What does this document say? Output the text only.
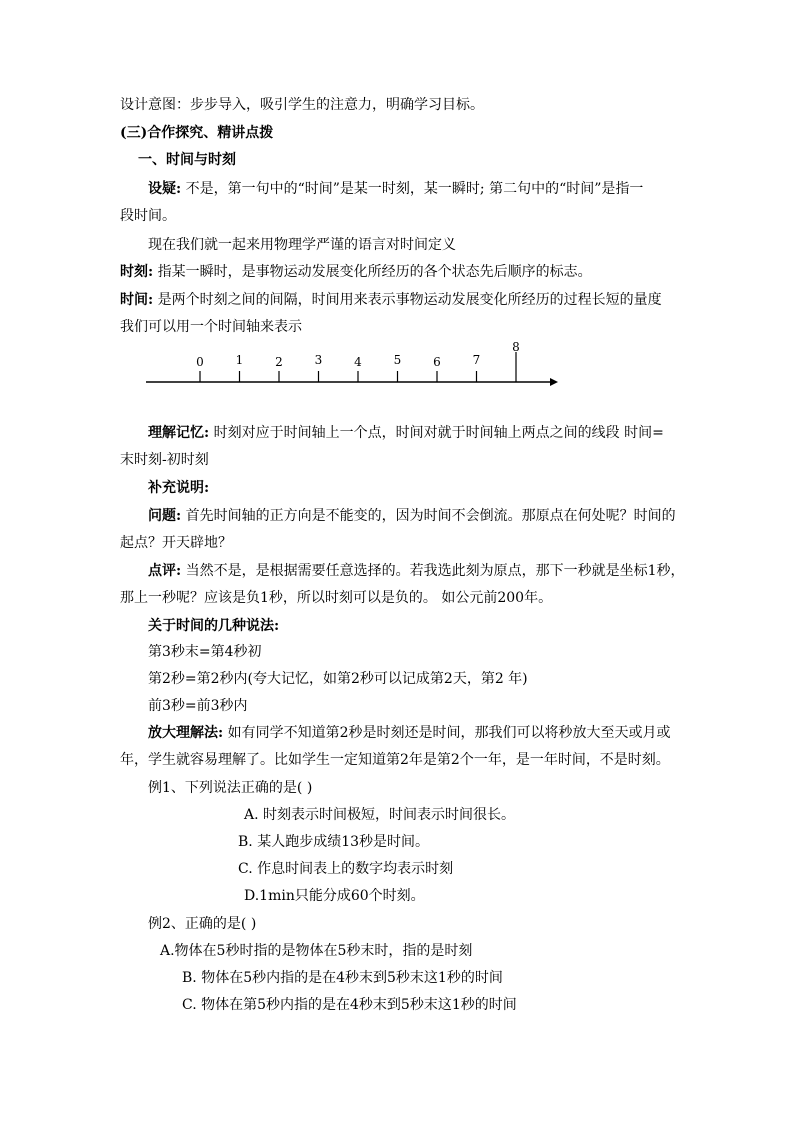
设计意图：步步导入，吸引学生的注意力，明确学习目标。
(三)合作探究、精讲点拨
一、时间与时刻
设疑: 不是，第一句中的“时间”是某一时刻，某一瞬时; 第二句中的“时间”是指一
段时间。
现在我们就一起来用物理学严谨的语言对时间定义
时刻: 指某一瞬时，是事物运动发展变化所经历的各个状态先后顺序的标志。
时间: 是两个时刻之间的间隔，时间用来表示事物运动发展变化所经历的过程长短的量度
我们可以用一个时间轴来表示
0	1	2	3	4	5	6	7
8
理解记忆: 时刻对应于时间轴上一个点，时间对就于时间轴上两点之间的线段 时间=
末时刻-初时刻
补充说明:
问题: 首先时间轴的正方向是不能变的，因为时间不会倒流。那原点在何处呢？时间的
起点？开天辟地？
点评: 当然不是，是根据需要任意选择的。若我选此刻为原点，那下一秒就是坐标1秒，
那上一秒呢？应该是负1秒，所以时刻可以是负的。 如公元前200年。
关于时间的几种说法:
第3秒末=第4秒初
第2秒=第2秒内(夸大记忆，如第2秒可以记成第2天，第2 年)
前3秒=前3秒内
放大理解法: 如有同学不知道第2秒是时刻还是时间，那我们可以将秒放大至天或月或
年，学生就容易理解了。比如学生一定知道第2年是第2个一年，是一年时间，不是时刻。
例1、下列说法正确的是( )
A. 时刻表示时间极短，时间表示时间很长。
B. 某人跑步成绩13秒是时间。
C. 作息时间表上的数字均表示时刻
D.1min只能分成60个时刻。
例2、正确的是( )
A.物体在5秒时指的是物体在5秒末时，指的是时刻
B. 物体在5秒内指的是在4秒末到5秒末这1秒的时间
C. 物体在第5秒内指的是在4秒末到5秒末这1秒的时间
